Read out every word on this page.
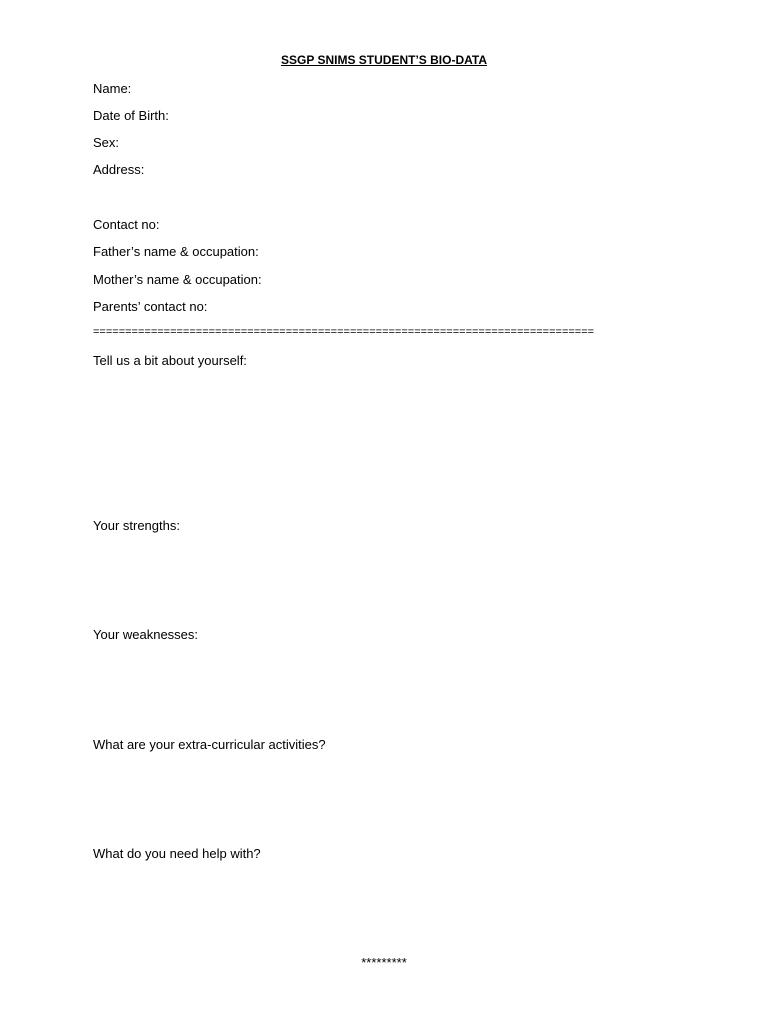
SSGP SNIMS STUDENT’S BIO-DATA
Name:
Date of Birth:
Sex:
Address:
Contact no:
Father’s name & occupation:
Mother’s name & occupation:
Parents’ contact no:
==============================================================================
Tell us a bit about yourself:
Your strengths:
Your weaknesses:
What are your extra-curricular activities?
What do you need help with?
*********
